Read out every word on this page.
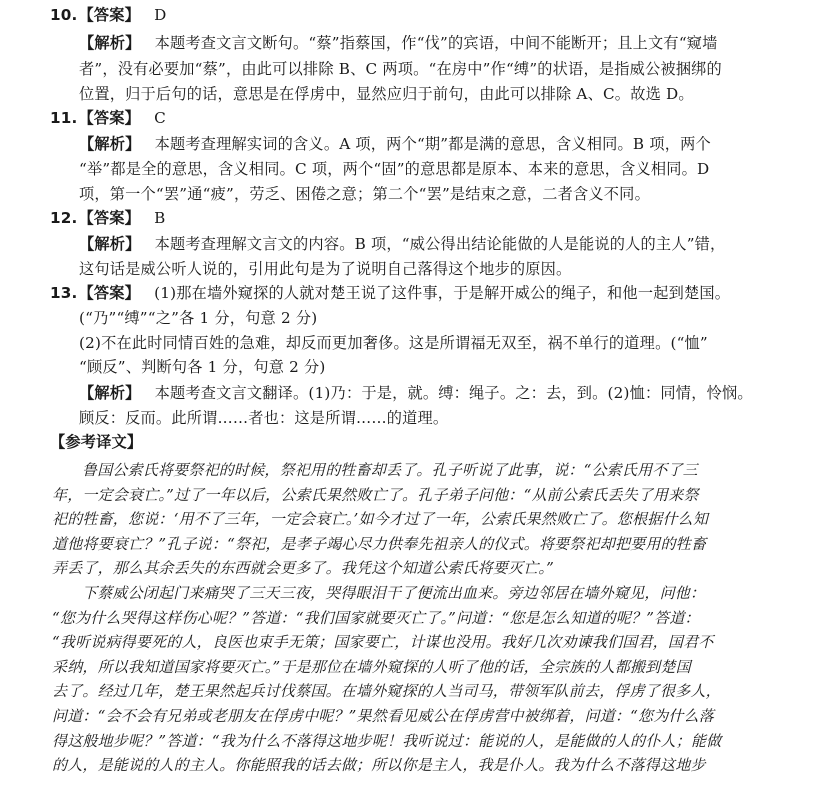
10.【答案】 D
【解析】 本题考查文言文断句。“蔡”指蔡国，作“伐”的宾语，中间不能断开；且上文有“窥墙
者”，没有必要加“蔡”，由此可以排除 B、C 两项。“在房中”作“缚”的状语，是指威公被捆绑的
位置，归于后句的话，意思是在俘虏中，显然应归于前句，由此可以排除 A、C。故选 D。
11.【答案】 C
【解析】 本题考查理解实词的含义。A 项，两个“期”都是满的意思，含义相同。B 项，两个
“举”都是全的意思，含义相同。C 项，两个“固”的意思都是原本、本来的意思，含义相同。D
项，第一个“罢”通“疲”，劳乏、困倦之意；第二个“罢”是结束之意，二者含义不同。
12.【答案】 B
【解析】 本题考查理解文言文的内容。B 项，“威公得出结论能做的人是能说的人的主人”错，
这句话是威公听人说的，引用此句是为了说明自己落得这个地步的原因。
13.【答案】 (1)那在墙外窥探的人就对楚王说了这件事，于是解开威公的绳子，和他一起到楚国。
(“乃”“缚”“之”各 1 分，句意 2 分)
(2)不在此时同情百姓的急难，却反而更加奢侈。这是所谓福无双至，祸不单行的道理。(“恤”
“顾反”、判断句各 1 分，句意 2 分)
【解析】 本题考查文言文翻译。(1)乃：于是，就。缚：绳子。之：去，到。(2)恤：同情，怜悯。
顾反：反而。此所谓……者也：这是所谓……的道理。
【参考译文】
鲁国公索氏将要祭祀的时候，祭祀用的牲畜却丢了。孔子听说了此事，说：“公索氏用不了三
年，一定会衰亡。”过了一年以后，公索氏果然败亡了。孔子弟子问他：“从前公索氏丢失了用来祭
祀的牲畜，您说：‘用不了三年，一定会衰亡。’如今才过了一年，公索氏果然败亡了。您根据什么知
道他将要衰亡？”孔子说：“祭祀，是孝子竭心尽力供奉先祖亲人的仪式。将要祭祀却把要用的牲畜
弄丢了，那么其余丢失的东西就会更多了。我凭这个知道公索氏将要灭亡。”
下蔡威公闭起门来痛哭了三天三夜，哭得眼泪干了便流出血来。旁边邻居在墙外窥见，问他：
“您为什么哭得这样伤心呢？”答道：“我们国家就要灭亡了。”问道：“您是怎么知道的呢？”答道：
“我听说病得要死的人，良医也束手无策；国家要亡，计谋也没用。我好几次劝谏我们国君，国君不
采纳，所以我知道国家将要灭亡。”于是那位在墙外窥探的人听了他的话，全宗族的人都搬到楚国
去了。经过几年，楚王果然起兵讨伐蔡国。在墙外窥探的人当司马，带领军队前去，俘虏了很多人，
问道：“会不会有兄弟或老朋友在俘虏中呢？”果然看见威公在俘虏营中被绑着，问道：“您为什么落
得这般地步呢？”答道：“我为什么不落得这地步呢！我听说过：能说的人，是能做的人的仆人；能做
的人，是能说的人的主人。你能照我的话去做；所以你是主人，我是仆人。我为什么不落得这地步
